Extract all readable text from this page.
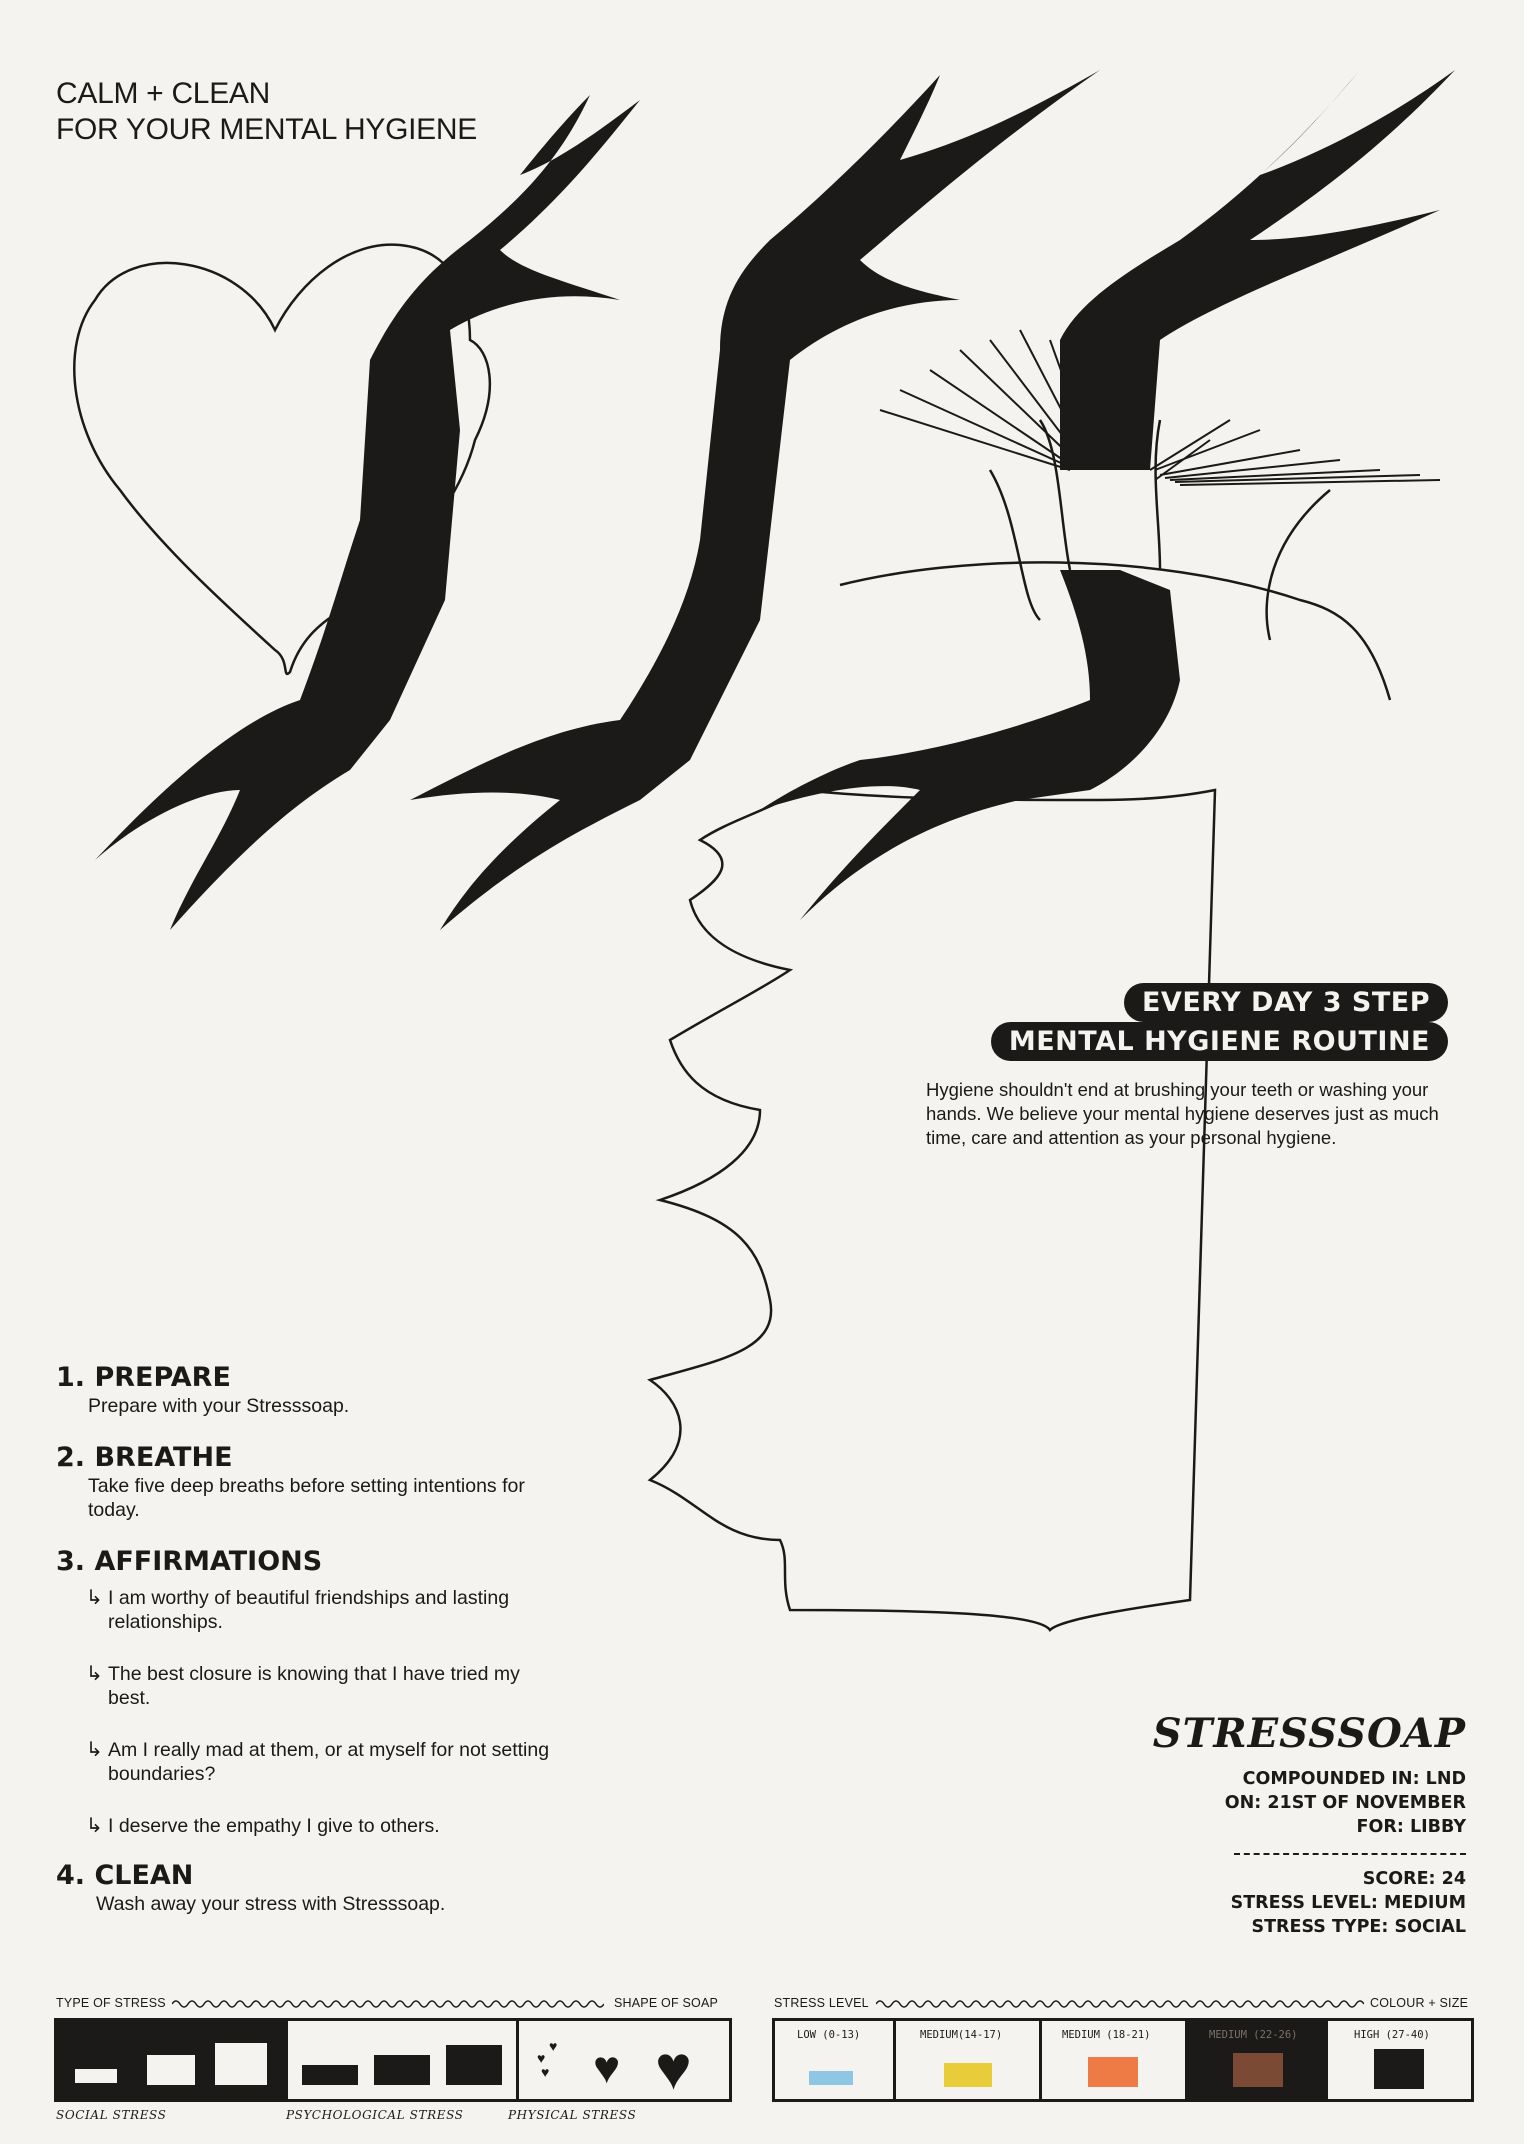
CALM + CLEAN
FOR YOUR MENTAL HYGIENE
EVERY DAY 3 STEP
MENTAL HYGIENE ROUTINE
Hygiene shouldn't end at brushing your teeth or washing your hands. We believe your mental hygiene deserves just as much time, care and attention as your personal hygiene.
1. PREPARE
Prepare with your Stresssoap.
2. BREATHE
Take five deep breaths before setting intentions for today.
3. AFFIRMATIONS
↳ I am worthy of beautiful friendships and lasting relationships.
↳ The best closure is knowing that I have tried my best.
↳ Am I really mad at them, or at myself for not setting boundaries?
↳ I deserve the empathy I give to others.
4. CLEAN
Wash away your stress with Stresssoap.
STRESSSOAP
COMPOUNDED IN: LND
ON: 21ST OF NOVEMBER
FOR: LIBBY
SCORE: 24
STRESS LEVEL: MEDIUM
STRESS TYPE: SOCIAL
TYPE OF STRESS	SHAPE OF SOAP
♥
♥
♥ ♥ ♥
SOCIAL STRESS	PSYCHOLOGICAL STRESS	PHYSICAL STRESS
STRESS LEVEL	COLOUR + SIZE
LOW (0-13)	MEDIUM(14-17)	MEDIUM (18-21)	MEDIUM (22-26)	HIGH (27-40)
